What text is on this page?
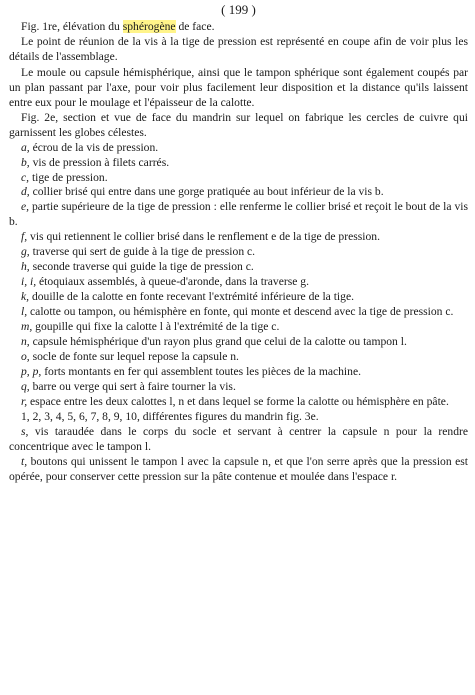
( 199 )

Fig. 1re, élévation du sphérogène de face.

Le point de réunion de la vis à la tige de pression est représenté en coupe afin de voir plus les détails de l'assemblage.

Le moule ou capsule hémisphérique, ainsi que le tampon sphérique sont également coupés par un plan passant par l'axe, pour voir plus facilement leur disposition et la distance qu'ils laissent entre eux pour le moulage et l'épaisseur de la calotte.

Fig. 2e, section et vue de face du mandrin sur lequel on fabrique les cercles de cuivre qui garnissent les globes célestes.

a, écrou de la vis de pression.

b, vis de pression à filets carrés.

c, tige de pression.

d, collier brisé qui entre dans une gorge pratiquée au bout inférieur de la vis b.

e, partie supérieure de la tige de pression : elle renferme le collier brisé et reçoit le bout de la vis b.

f, vis qui retiennent le collier brisé dans le renflement e de la tige de pression.

g, traverse qui sert de guide à la tige de pression c.

h, seconde traverse qui guide la tige de pression c.

i, i, étoquiaux assemblés, à queue-d'aronde, dans la traverse g.

k, douille de la calotte en fonte recevant l'extrémité inférieure de la tige.

l, calotte ou tampon, ou hémisphère en fonte, qui monte et descend avec la tige de pression c.

m, goupille qui fixe la calotte l à l'extrémité de la tige c.

n, capsule hémisphérique d'un rayon plus grand que celui de la calotte ou tampon l.

o, socle de fonte sur lequel repose la capsule n.

p, p, forts montants en fer qui assemblent toutes les pièces de la machine.

q, barre ou verge qui sert à faire tourner la vis.

r, espace entre les deux calottes l, n et dans lequel se forme la calotte ou hémisphère en pâte.

1, 2, 3, 4, 5, 6, 7, 8, 9, 10, différentes figures du mandrin fig. 3e.

s, vis taraudée dans le corps du socle et servant à centrer la capsule n pour la rendre concentrique avec le tampon l.

t, boutons qui unissent le tampon l avec la capsule n, et que l'on serre après que la pression est opérée, pour conserver cette pression sur la pâte contenue et moulée dans l'espace r.
